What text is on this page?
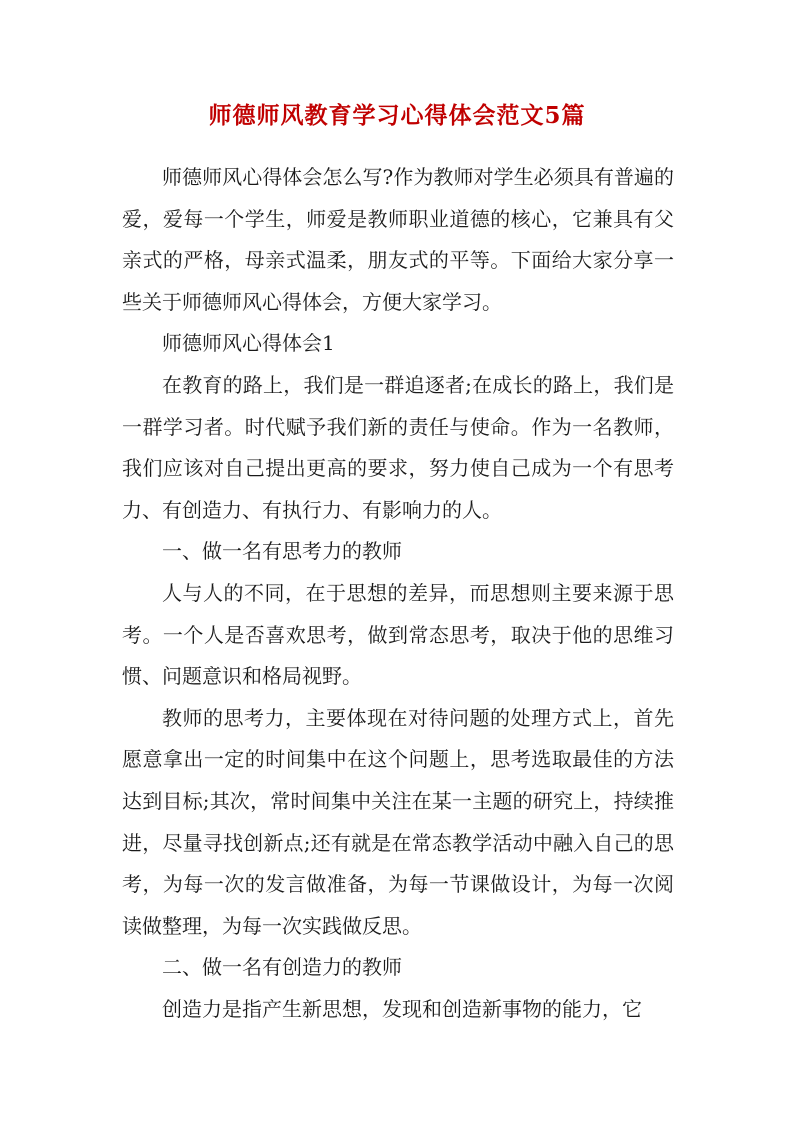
师德师风教育学习心得体会范文5篇

师德师风心得体会怎么写?作为教师对学生必须具有普遍的爱，爱每一个学生，师爱是教师职业道德的核心，它兼具有父亲式的严格，母亲式温柔，朋友式的平等。下面给大家分享一些关于师德师风心得体会，方便大家学习。

师德师风心得体会1

在教育的路上，我们是一群追逐者;在成长的路上，我们是一群学习者。时代赋予我们新的责任与使命。作为一名教师，我们应该对自己提出更高的要求，努力使自己成为一个有思考力、有创造力、有执行力、有影响力的人。

一、做一名有思考力的教师

人与人的不同，在于思想的差异，而思想则主要来源于思考。一个人是否喜欢思考，做到常态思考，取决于他的思维习惯、问题意识和格局视野。

教师的思考力，主要体现在对待问题的处理方式上，首先愿意拿出一定的时间集中在这个问题上，思考选取最佳的方法达到目标;其次，常时间集中关注在某一主题的研究上，持续推进，尽量寻找创新点;还有就是在常态教学活动中融入自己的思考，为每一次的发言做准备，为每一节课做设计，为每一次阅读做整理，为每一次实践做反思。

二、做一名有创造力的教师

创造力是指产生新思想，发现和创造新事物的能力，它
